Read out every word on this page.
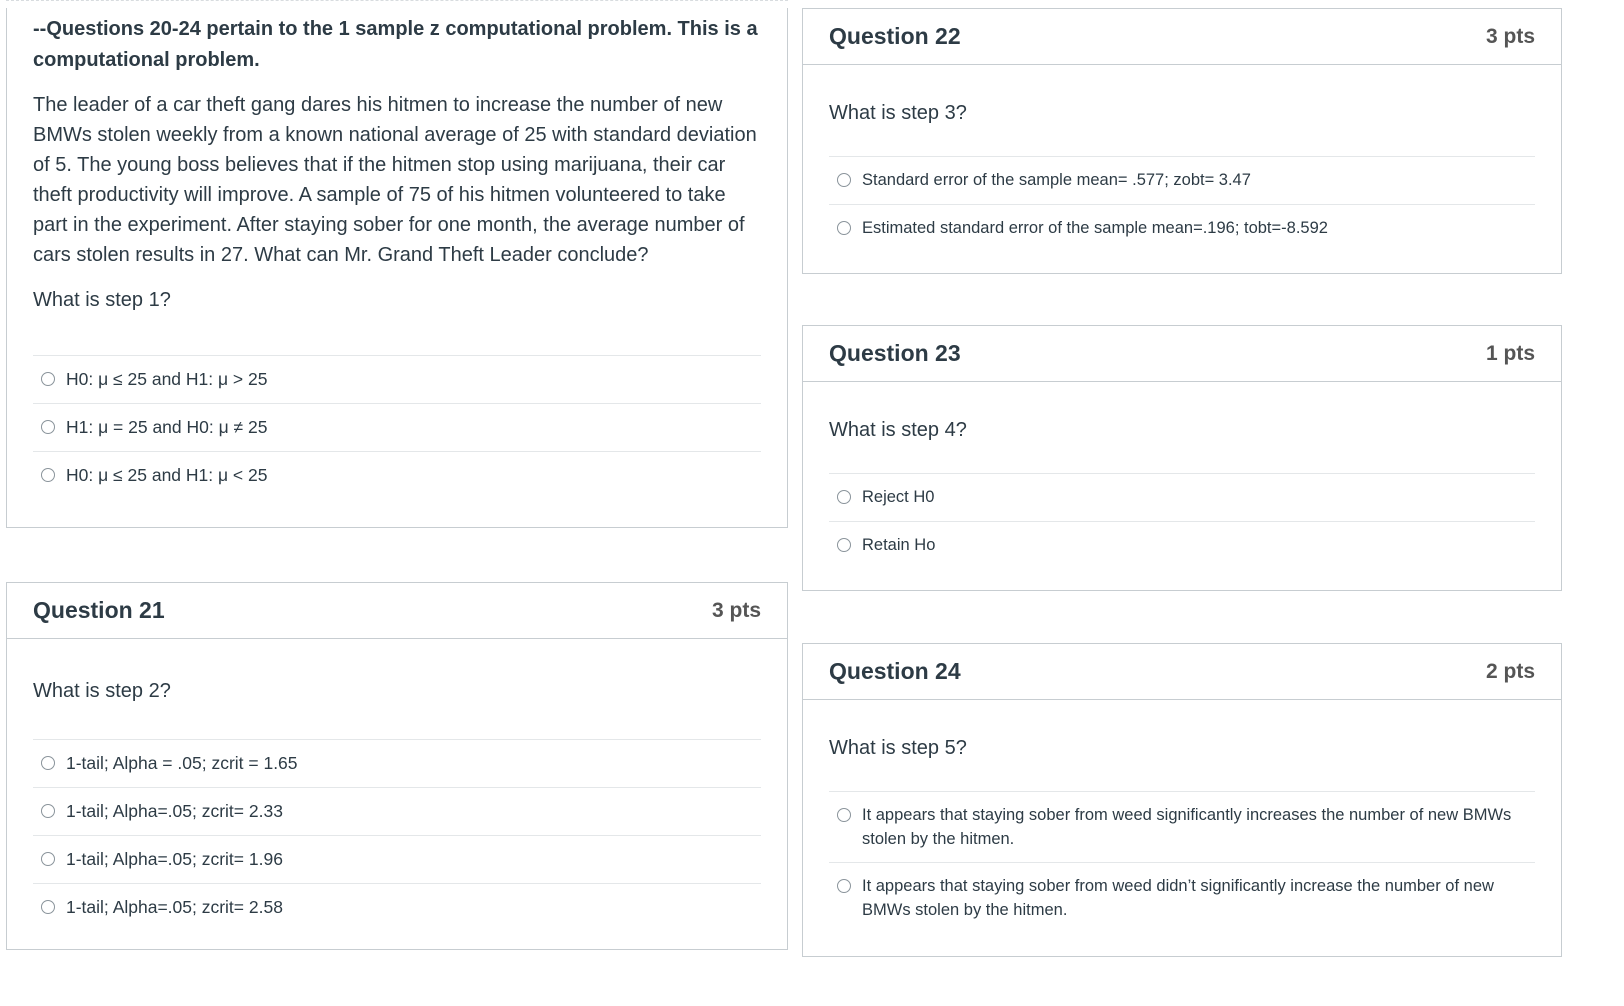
--Questions 20-24 pertain to the 1 sample z computational problem. This is a computational problem.
The leader of a car theft gang dares his hitmen to increase the number of new BMWs stolen weekly from a known national average of 25 with standard deviation of 5. The young boss believes that if the hitmen stop using marijuana, their car theft productivity will improve. A sample of 75 of his hitmen volunteered to take part in the experiment. After staying sober for one month, the average number of cars stolen results in 27. What can Mr. Grand Theft Leader conclude?
What is step 1?
H0: μ ≤ 25 and H1: μ > 25
H1: μ = 25 and H0: μ ≠ 25
H0: μ ≤ 25 and H1: μ < 25
Question 21	3 pts
What is step 2?
1-tail; Alpha = .05; zcrit = 1.65
1-tail; Alpha=.05; zcrit= 2.33
1-tail; Alpha=.05; zcrit= 1.96
1-tail; Alpha=.05; zcrit= 2.58
Question 22	3 pts
What is step 3?
Standard error of the sample mean= .577; zobt= 3.47
Estimated standard error of the sample mean=.196; tobt=-8.592
Question 23	1 pts
What is step 4?
Reject H0
Retain Ho
Question 24	2 pts
What is step 5?
It appears that staying sober from weed significantly increases the number of new BMWs stolen by the hitmen.
It appears that staying sober from weed didn’t significantly increase the number of new BMWs stolen by the hitmen.
